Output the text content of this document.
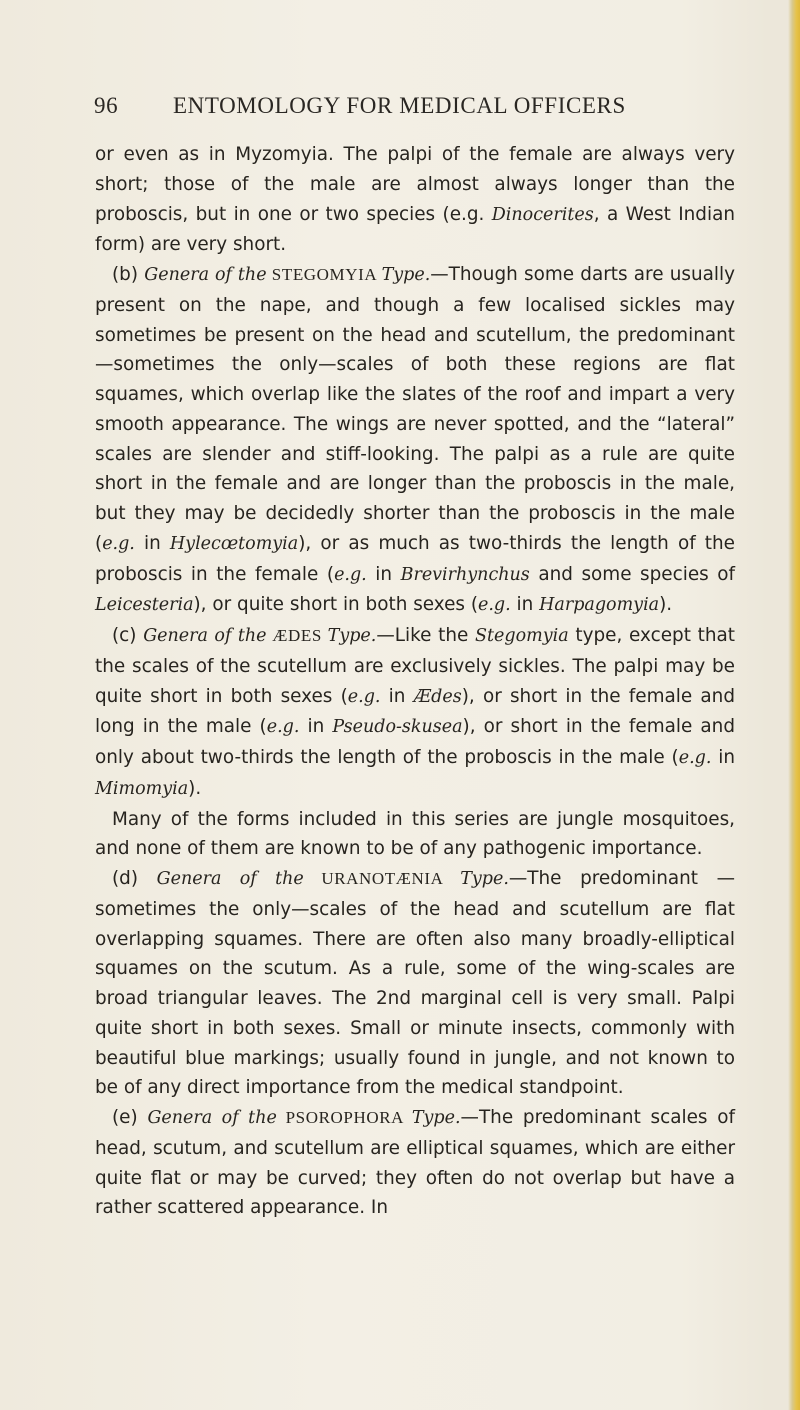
96 ENTOMOLOGY FOR MEDICAL OFFICERS

or even as in Myzomyia. The palpi of the female are always very short; those of the male are almost always longer than the proboscis, but in one or two species (e.g. Dinocerites, a West Indian form) are very short.

(b) Genera of the STEGOMYIA Type.—Though some darts are usually present on the nape, and though a few localised sickles may sometimes be present on the head and scutellum, the predominant—sometimes the only—scales of both these regions are flat squames, which overlap like the slates of the roof and impart a very smooth appearance. The wings are never spotted, and the “lateral” scales are slender and stiff-looking. The palpi as a rule are quite short in the female and are longer than the proboscis in the male, but they may be decidedly shorter than the proboscis in the male (e.g. in Hylecœtomyia), or as much as two-thirds the length of the proboscis in the female (e.g. in Brevirhynchus and some species of Leicesteria), or quite short in both sexes (e.g. in Harpagomyia).

(c) Genera of the ÆDES Type.—Like the Stegomyia type, except that the scales of the scutellum are exclusively sickles. The palpi may be quite short in both sexes (e.g. in Ædes), or short in the female and long in the male (e.g. in Pseudo-skusea), or short in the female and only about two-thirds the length of the proboscis in the male (e.g. in Mimomyia).

Many of the forms included in this series are jungle mosquitoes, and none of them are known to be of any pathogenic importance.

(d) Genera of the URANOTÆNIA Type.—The predominant —sometimes the only—scales of the head and scutellum are flat overlapping squames. There are often also many broadly-elliptical squames on the scutum. As a rule, some of the wing-scales are broad triangular leaves. The 2nd marginal cell is very small. Palpi quite short in both sexes. Small or minute insects, commonly with beautiful blue markings; usually found in jungle, and not known to be of any direct importance from the medical standpoint.

(e) Genera of the PSOROPHORA Type.—The predominant scales of head, scutum, and scutellum are elliptical squames, which are either quite flat or may be curved; they often do not overlap but have a rather scattered appearance. In
